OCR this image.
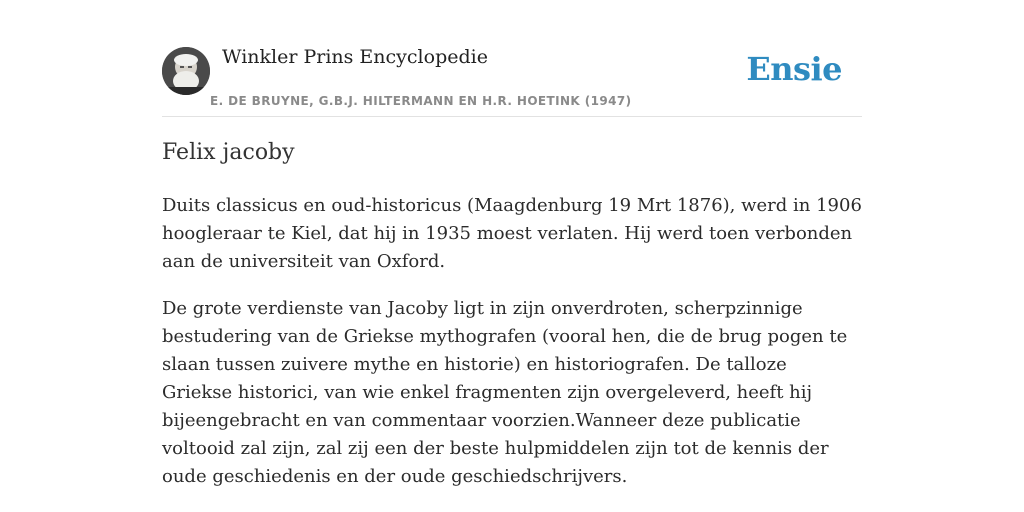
Winkler Prins Encyclopedie
E. DE BRUYNE, G.B.J. HILTERMANN EN H.R. HOETINK (1947)
Ensie
Felix jacoby

Duits classicus en oud-historicus (Maagdenburg 19 Mrt 1876), werd in 1906 hoogleraar te Kiel, dat hij in 1935 moest verlaten. Hij werd toen verbonden aan de universiteit van Oxford.

De grote verdienste van Jacoby ligt in zijn onverdroten, scherpzinnige bestudering van de Griekse mythografen (vooral hen, die de brug pogen te slaan tussen zuivere mythe en historie) en historiografen. De talloze Griekse historici, van wie enkel fragmenten zijn overgeleverd, heeft hij bijeengebracht en van commentaar voorzien.Wanneer deze publicatie voltooid zal zijn, zal zij een der beste hulpmiddelen zijn tot de kennis der oude geschiedenis en der oude geschiedschrijvers.
